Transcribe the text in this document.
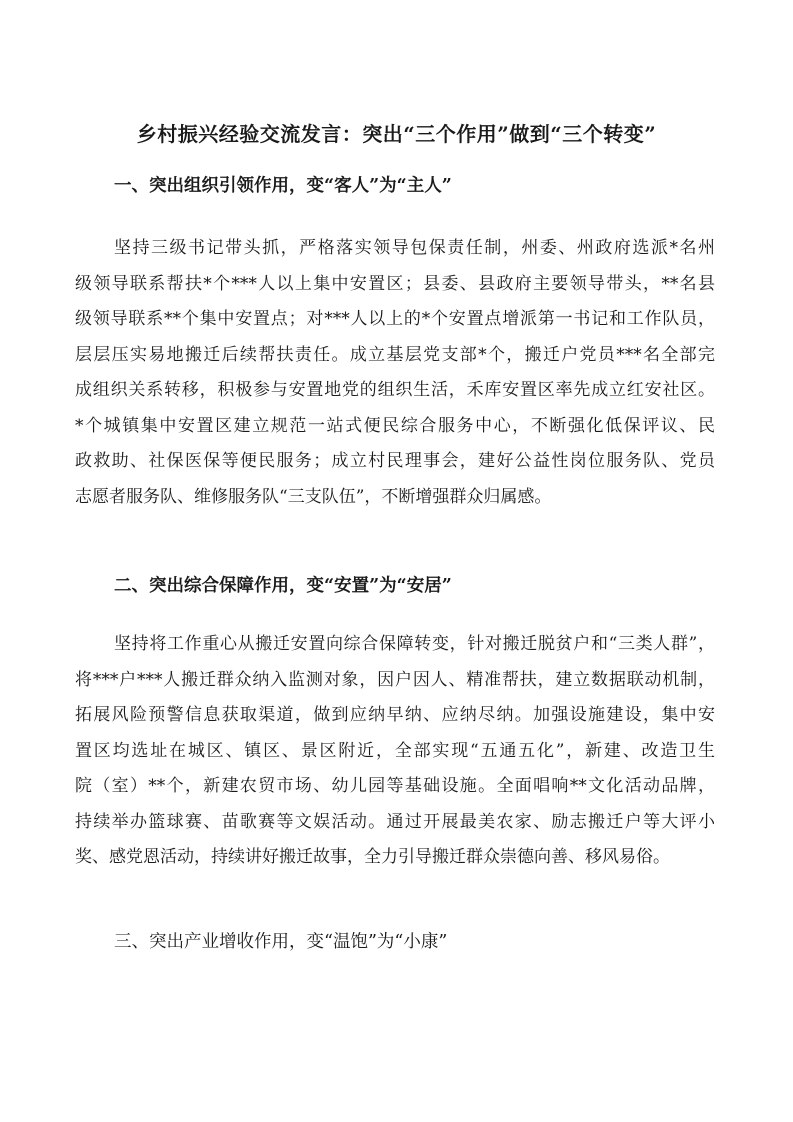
乡村振兴经验交流发言：突出“三个作用”做到“三个转变”
一、突出组织引领作用，变“客人”为“主人”
坚持三级书记带头抓，严格落实领导包保责任制，州委、州政府选派*名州
级领导联系帮扶*个***人以上集中安置区；县委、县政府主要领导带头，**名县
级领导联系**个集中安置点；对***人以上的*个安置点增派第一书记和工作队员，
层层压实易地搬迁后续帮扶责任。成立基层党支部*个，搬迁户党员***名全部完
成组织关系转移，积极参与安置地党的组织生活，禾库安置区率先成立红安社区。
*个城镇集中安置区建立规范一站式便民综合服务中心，不断强化低保评议、民
政救助、社保医保等便民服务；成立村民理事会，建好公益性岗位服务队、党员
志愿者服务队、维修服务队“三支队伍”，不断增强群众归属感。
二、突出综合保障作用，变“安置”为“安居”
坚持将工作重心从搬迁安置向综合保障转变，针对搬迁脱贫户和“三类人群”，
将***户***人搬迁群众纳入监测对象，因户因人、精准帮扶，建立数据联动机制，
拓展风险预警信息获取渠道，做到应纳早纳、应纳尽纳。加强设施建设，集中安
置区均选址在城区、镇区、景区附近，全部实现“五通五化”，新建、改造卫生
院（室）**个，新建农贸市场、幼儿园等基础设施。全面唱响**文化活动品牌，
持续举办篮球赛、苗歌赛等文娱活动。通过开展最美农家、励志搬迁户等大评小
奖、感党恩活动，持续讲好搬迁故事，全力引导搬迁群众崇德向善、移风易俗。
三、突出产业增收作用，变“温饱”为“小康”
